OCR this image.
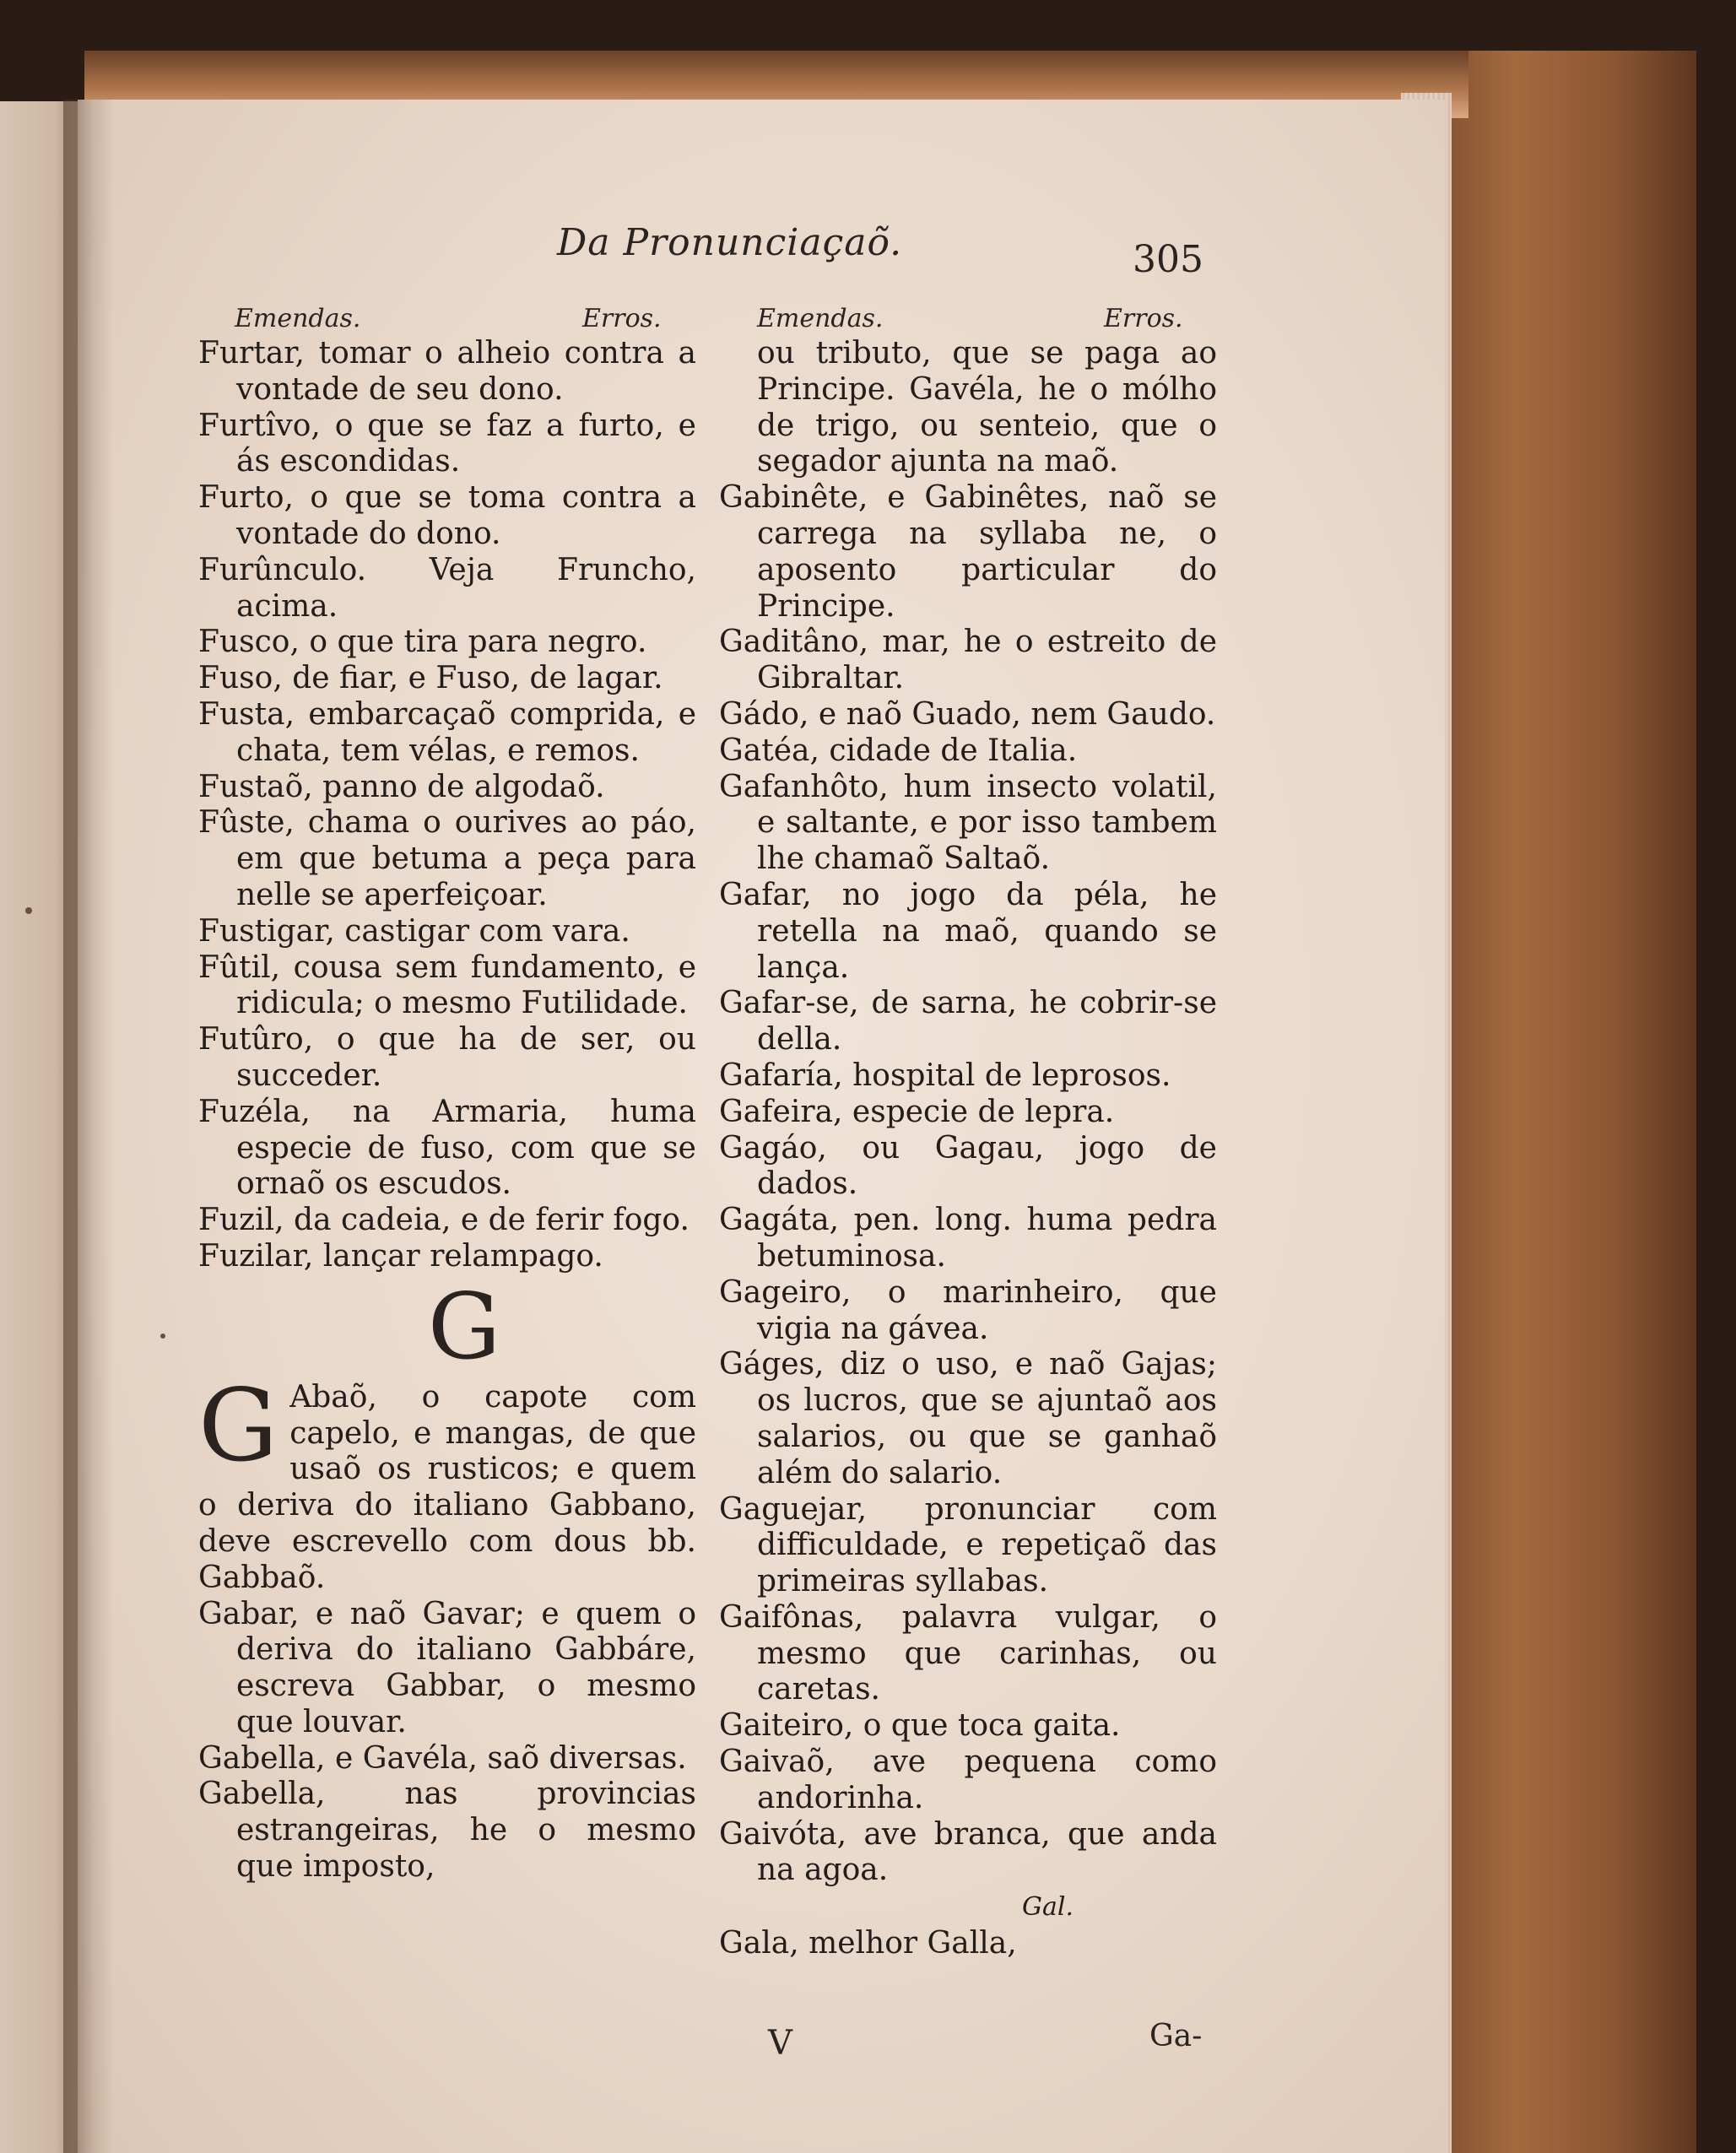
Da Pronunciaçaõ.	305
Emendas.	Erros.	Emendas.	Erros.
Furtar, tomar o alheio contra a vontade de seu dono.
Furtîvo, o que se faz a furto, e ás escondidas.
Furto, o que se toma contra a vontade do dono.
Furûnculo. Veja Fruncho, acima.
Fusco, o que tira para negro.
Fuso, de fiar, e Fuso, de lagar.
Fusta, embarcaçaõ comprida, e chata, tem vélas, e remos.
Fustaõ, panno de algodaõ.
Fûste, chama o ourives ao páo, em que betuma a peça para nelle se aperfeiçoar.
Fustigar, castigar com vara.
Fûtil, cousa sem fundamento, e ridicula; o mesmo Futilidade.
Futûro, o que ha de ser, ou succeder.
Fuzéla, na Armaria, huma especie de fuso, com que se ornaõ os escudos.
Fuzil, da cadeia, e de ferir fogo.
Fuzilar, lançar relampago.
G
G Abaõ, o capote com capelo, e mangas, de que usaõ os rusticos; e quem o deriva do italiano Gabbano, deve escrevello com dous bb. Gabbaõ.
Gabar, e naõ Gavar; e quem o deriva do italiano Gabbáre, escreva Gabbar, o mesmo que louvar.
Gabella, e Gavéla, saõ diversas.
Gabella, nas provincias estrangeiras, he o mesmo que imposto,
ou tributo, que se paga ao Principe. Gavéla, he o mólho de trigo, ou senteio, que o segador ajunta na maõ.
Gabinête, e Gabinêtes, naõ se carrega na syllaba ne, o aposento particular do Principe.
Gaditâno, mar, he o estreito de Gibraltar.
Gádo, e naõ Guado, nem Gaudo.
Gatéa, cidade de Italia.
Gafanhôto, hum insecto volatil, e saltante, e por isso tambem lhe chamaõ Saltaõ.
Gafar, no jogo da péla, he retella na maõ, quando se lança.
Gafar-se, de sarna, he cobrir-se della.
Gafaría, hospital de leprosos.
Gafeira, especie de lepra.
Gagáo, ou Gagau, jogo de dados.
Gagáta, pen. long. huma pedra betuminosa.
Gageiro, o marinheiro, que vigia na gávea.
Gáges, diz o uso, e naõ Gajas; os lucros, que se ajuntaõ aos salarios, ou que se ganhaõ além do salario.
Gaguejar, pronunciar com difficuldade, e repetiçaõ das primeiras syllabas.
Gaifônas, palavra vulgar, o mesmo que carinhas, ou caretas.
Gaiteiro, o que toca gaita.
Gaivaõ, ave pequena como andorinha.
Gaivóta, ave branca, que anda na agoa.
Gal.
Gala, melhor Galla,
V	Ga-
